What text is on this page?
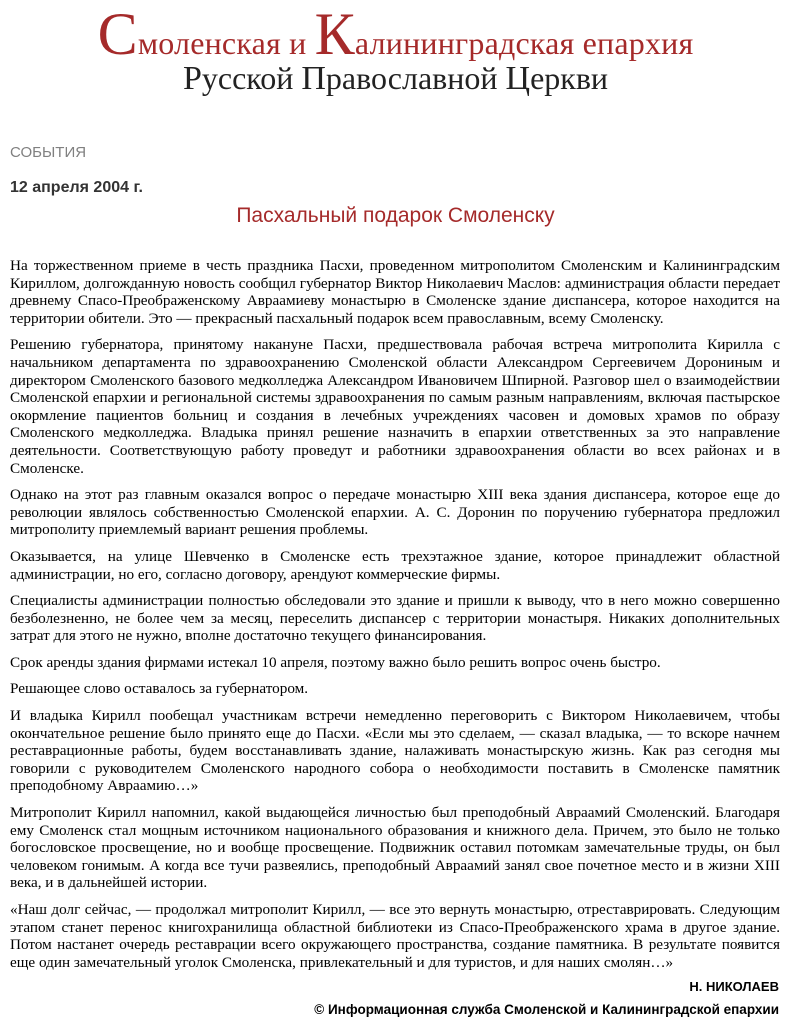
Смоленская и Калининградская епархия
Русской Православной Церкви
СОБЫТИЯ
12 апреля 2004 г.
Пасхальный подарок Смоленску

На торжественном приеме в честь праздника Пасхи, проведенном митрополитом Смоленским и Калининградским Кириллом, долгожданную новость сообщил губернатор Виктор Николаевич Маслов: администрация области передает древнему Спасо-Преображенскому Авраамиеву монастырю в Смоленске здание диспансера, которое находится на территории обители. Это — прекрасный пасхальный подарок всем православным, всему Смоленску.

Решению губернатора, принятому накануне Пасхи, предшествовала рабочая встреча митрополита Кирилла с начальником департамента по здравоохранению Смоленской области Александром Сергеевичем Дорониным и директором Смоленского базового медколледжа Александром Ивановичем Шпирной. Разговор шел о взаимодействии Смоленской епархии и региональной системы здравоохранения по самым разным направлениям, включая пастырское окормление пациентов больниц и создания в лечебных учреждениях часовен и домовых храмов по образу Смоленского медколледжа. Владыка принял решение назначить в епархии ответственных за это направление деятельности. Соответствующую работу проведут и работники здравоохранения области во всех районах и в Смоленске.

Однако на этот раз главным оказался вопрос о передаче монастырю XIII века здания диспансера, которое еще до революции являлось собственностью Смоленской епархии. А. С. Доронин по поручению губернатора предложил митрополиту приемлемый вариант решения проблемы.

Оказывается, на улице Шевченко в Смоленске есть трехэтажное здание, которое принадлежит областной администрации, но его, согласно договору, арендуют коммерческие фирмы.

Специалисты администрации полностью обследовали это здание и пришли к выводу, что в него можно совершенно безболезненно, не более чем за месяц, переселить диспансер с территории монастыря. Никаких дополнительных затрат для этого не нужно, вполне достаточно текущего финансирования.

Срок аренды здания фирмами истекал 10 апреля, поэтому важно было решить вопрос очень быстро.

Решающее слово оставалось за губернатором.

И владыка Кирилл пообещал участникам встречи немедленно переговорить с Виктором Николаевичем, чтобы окончательное решение было принято еще до Пасхи. «Если мы это сделаем, — сказал владыка, — то вскоре начнем реставрационные работы, будем восстанавливать здание, налаживать монастырскую жизнь. Как раз сегодня мы говорили с руководителем Смоленского народного собора о необходимости поставить в Смоленске памятник преподобному Авраамию…»

Митрополит Кирилл напомнил, какой выдающейся личностью был преподобный Авраамий Смоленский. Благодаря ему Смоленск стал мощным источником национального образования и книжного дела. Причем, это было не только богословское просвещение, но и вообще просвещение. Подвижник оставил потомкам замечательные труды, он был человеком гонимым. А когда все тучи развеялись, преподобный Авраамий занял свое почетное место и в жизни XIII века, и в дальнейшей истории.

«Наш долг сейчас, — продолжал митрополит Кирилл, — все это вернуть монастырю, отреставрировать. Следующим этапом станет перенос книгохранилища областной библиотеки из Спасо-Преображенского храма в другое здание. Потом настанет очередь реставрации всего окружающего пространства, создание памятника. В результате появится еще один замечательный уголок Смоленска, привлекательный и для туристов, и для наших смолян…»

Н. НИКОЛАЕВ
© Информационная служба Смоленской и Калининградской епархии
